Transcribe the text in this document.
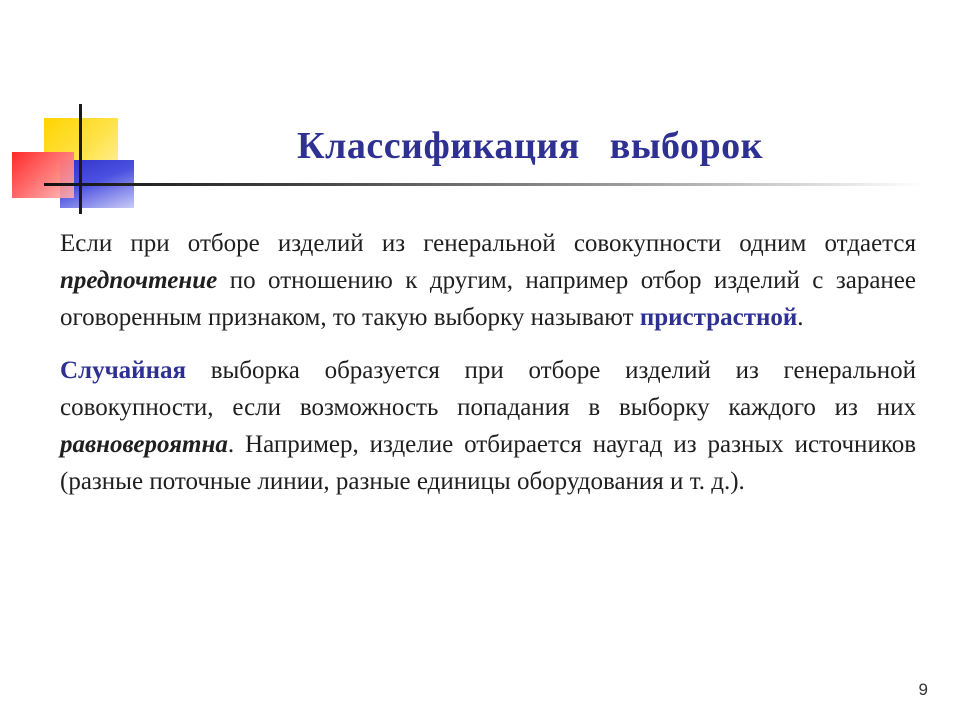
Классификация   выборок

Если при отборе изделий из генеральной совокупности одним отдается предпочтение по отношению к другим, например отбор изделий с заранее оговоренным признаком, то такую выборку называют пристрастной.

Случайная выборка образуется при отборе изделий из генеральной совокупности, если возможность попадания в выборку каждого из них равновероятна. Например, изделие отбирается наугад из разных источников (разные поточные линии, разные единицы оборудования и т. д.).

9
